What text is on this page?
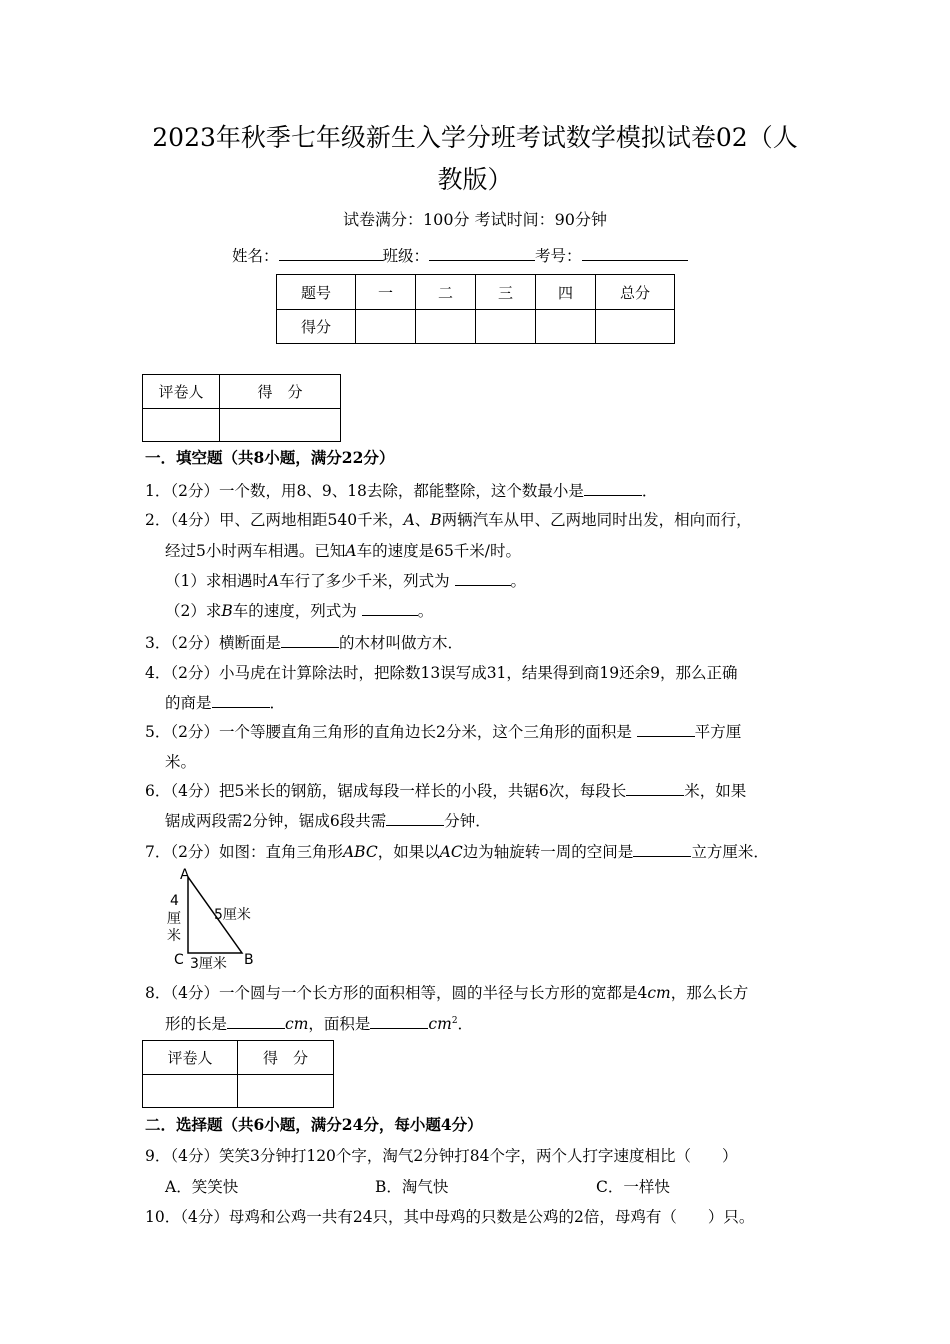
2023年秋季七年级新生入学分班考试数学模拟试卷02（人
教版）
试卷满分：100分 考试时间：90分钟
姓名：	班级：	考号：
题号	一	二	三	四	总分
得分					
评卷人	得　分

一．填空题（共8小题，满分22分）
1．（2分）一个数，用8、9、18去除，都能整除，这个数最小是	．
2．（4分）甲、乙两地相距540千米，A、B两辆汽车从甲、乙两地同时出发，相向而行，
经过5小时两车相遇。已知A车的速度是65千米/时。
（1）求相遇时A车行了多少千米，列式为	。
（2）求B车的速度，列式为	。
3．（2分）横断面是	的木材叫做方木．
4．（2分）小马虎在计算除法时，把除数13误写成31，结果得到商19还余9，那么正确
的商是	．
5．（2分）一个等腰直角三角形的直角边长2分米，这个三角形的面积是	平方厘
米。
6．（4分）把5米长的钢筋，锯成每段一样长的小段，共锯6次，每段长	米，如果
锯成两段需2分钟，锯成6段共需	分钟．
7．（2分）如图：直角三角形ABC，如果以AC边为轴旋转一周的空间是	立方厘米．
A
B
C
4
厘
米
5厘米
3厘米
8．（4分）一个圆与一个长方形的面积相等，圆的半径与长方形的宽都是4cm，那么长方
形的长是	cm，面积是	$cm^2$．
评卷人	得　分

二．选择题（共6小题，满分24分，每小题4分）
9．（4分）笑笑3分钟打120个字，淘气2分钟打84个字，两个人打字速度相比（　　）
A．笑笑快	B．淘气快	C．一样快
10．（4分）母鸡和公鸡一共有24只，其中母鸡的只数是公鸡的2倍，母鸡有（　　）只。
